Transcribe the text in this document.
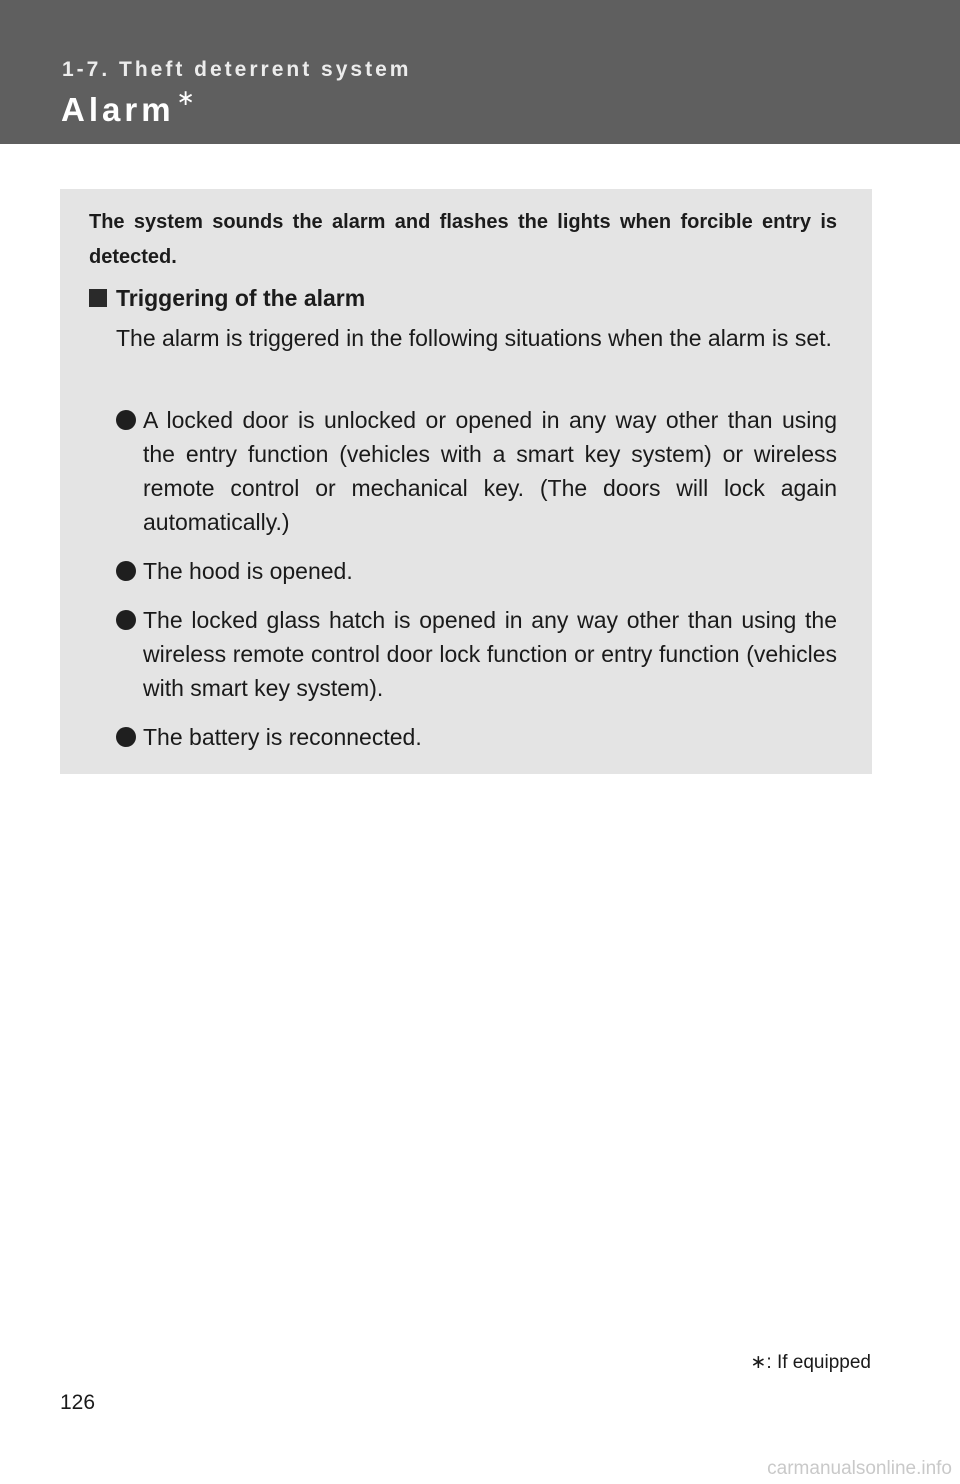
1-7. Theft deterrent system
Alarm∗
The system sounds the alarm and flashes the lights when forcible entry is detected.
Triggering of the alarm
The alarm is triggered in the following situations when the alarm is set.
A locked door is unlocked or opened in any way other than using the entry function (vehicles with a smart key system) or wireless remote control or mechanical key. (The doors will lock again automatically.)
The hood is opened.
The locked glass hatch is opened in any way other than using the wireless remote control door lock function or entry function (vehicles with smart key system).
The battery is reconnected.
∗: If equipped
126
carmanualsonline.info
